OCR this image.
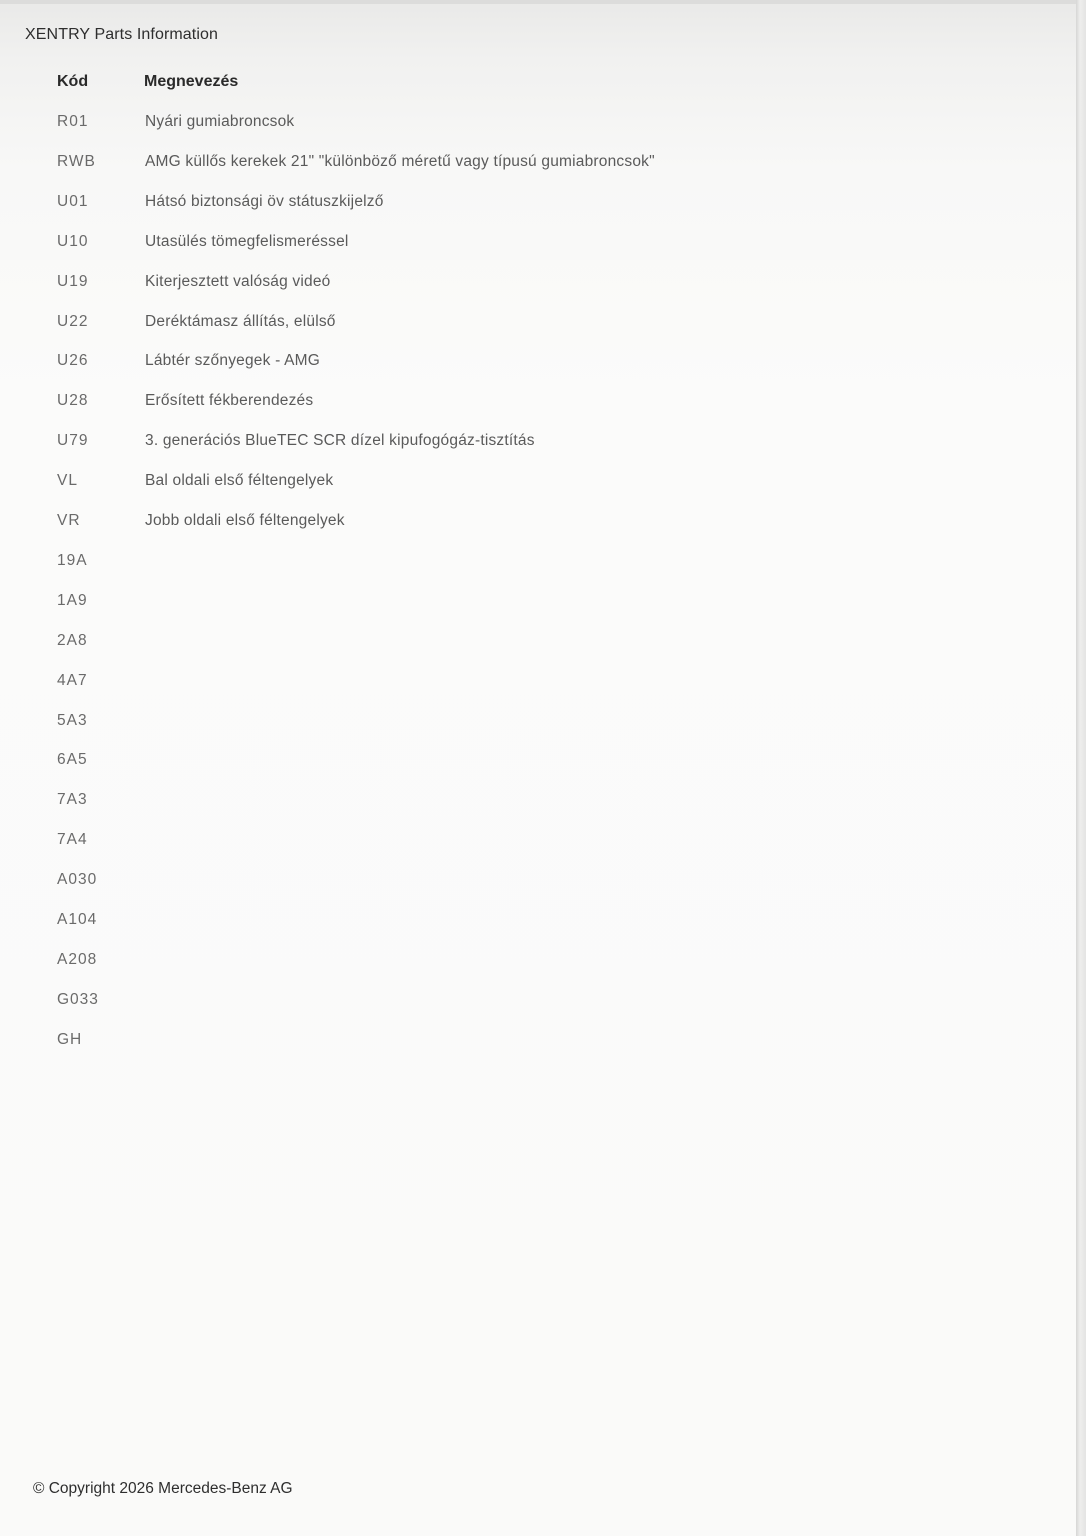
XENTRY Parts Information
Kód	Megnevezés
R01	Nyári gumiabroncsok
RWB	AMG küllős kerekek 21" "különböző méretű vagy típusú gumiabroncsok"
U01	Hátsó biztonsági öv státuszkijelző
U10	Utasülés tömegfelismeréssel
U19	Kiterjesztett valóság videó
U22	Deréktámasz állítás, elülső
U26	Lábtér szőnyegek - AMG
U28	Erősített fékberendezés
U79	3. generációs BlueTEC SCR dízel kipufogógáz-tisztítás
VL	Bal oldali első féltengelyek
VR	Jobb oldali első féltengelyek
19A
1A9
2A8
4A7
5A3
6A5
7A3
7A4
A030
A104
A208
G033
GH
© Copyright 2026 Mercedes-Benz AG
